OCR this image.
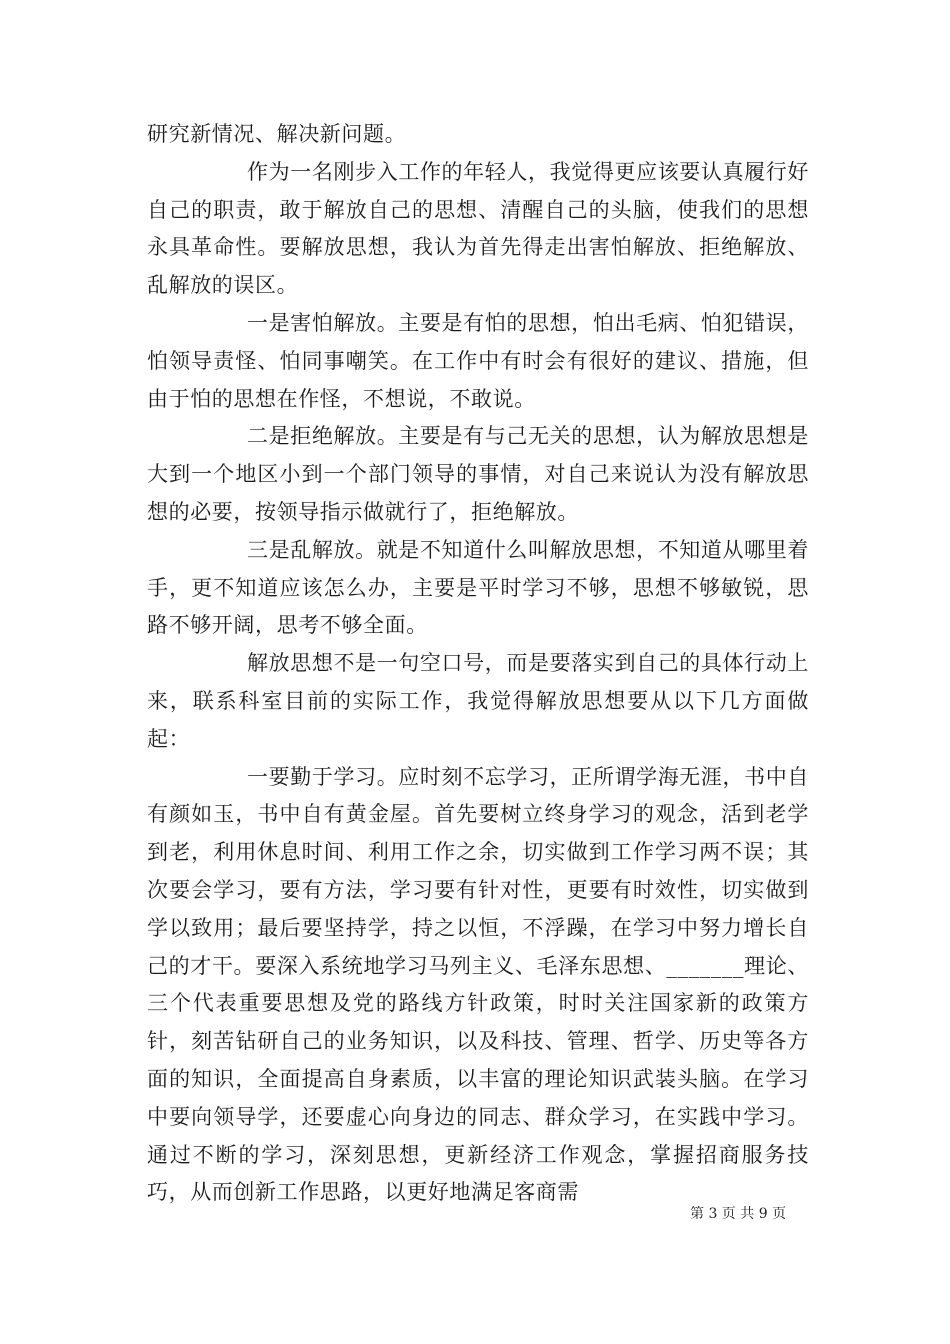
研究新情况、解决新问题。

作为一名刚步入工作的年轻人，我觉得更应该要认真履行好自己的职责，敢于解放自己的思想、清醒自己的头脑，使我们的思想永具革命性。要解放思想，我认为首先得走出害怕解放、拒绝解放、乱解放的误区。

一是害怕解放。主要是有怕的思想，怕出毛病、怕犯错误，怕领导责怪、怕同事嘲笑。在工作中有时会有很好的建议、措施，但由于怕的思想在作怪，不想说，不敢说。

二是拒绝解放。主要是有与己无关的思想，认为解放思想是大到一个地区小到一个部门领导的事情，对自己来说认为没有解放思想的必要，按领导指示做就行了，拒绝解放。

三是乱解放。就是不知道什么叫解放思想，不知道从哪里着手，更不知道应该怎么办，主要是平时学习不够，思想不够敏锐，思路不够开阔，思考不够全面。

解放思想不是一句空口号，而是要落实到自己的具体行动上来，联系科室目前的实际工作，我觉得解放思想要从以下几方面做起：

一要勤于学习。应时刻不忘学习，正所谓学海无涯，书中自有颜如玉，书中自有黄金屋。首先要树立终身学习的观念，活到老学到老，利用休息时间、利用工作之余，切实做到工作学习两不误；其次要会学习，要有方法，学习要有针对性，更要有时效性，切实做到学以致用；最后要坚持学，持之以恒，不浮躁，在学习中努力增长自己的才干。要深入系统地学习马列主义、毛泽东思想、_______理论、三个代表重要思想及党的路线方针政策，时时关注国家新的政策方针，刻苦钻研自己的业务知识，以及科技、管理、哲学、历史等各方面的知识，全面提高自身素质，以丰富的理论知识武装头脑。在学习中要向领导学，还要虚心向身边的同志、群众学习，在实践中学习。通过不断的学习，深刻思想，更新经济工作观念，掌握招商服务技巧，从而创新工作思路，以更好地满足客商需

第 3 页 共 9 页
